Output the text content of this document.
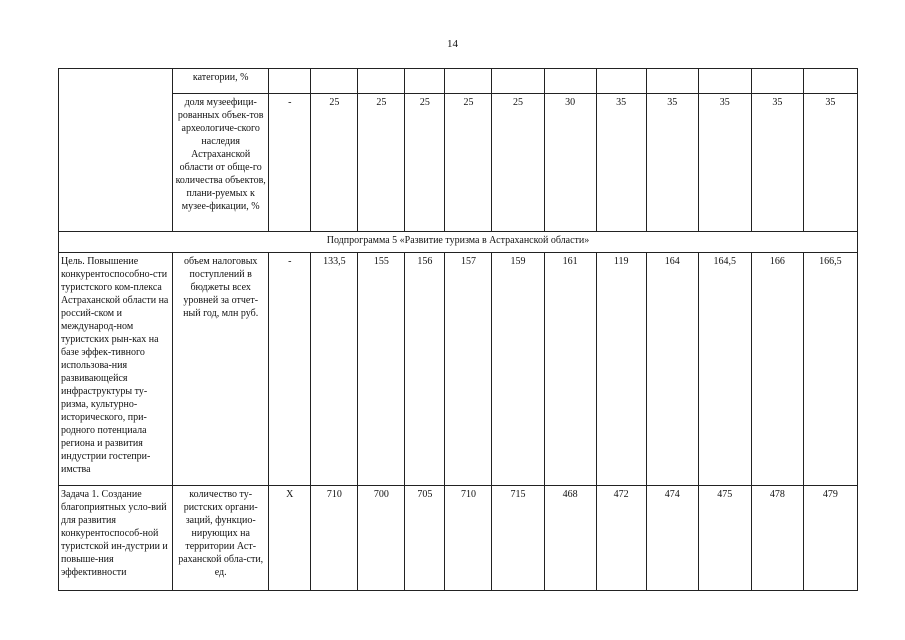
14
	категории, %												
	доля музеефици-рованных объек-тов археологиче-ского наследия Астраханской области от обще-го количества объектов, плани-руемых к музее-фикации, %	-	25	25	25	25	25	30	35	35	35	35	35
Подпрограмма 5 «Развитие туризма в Астраханской области»													
Цель. Повышение конкурентоспособно-сти туристского ком-плекса Астраханской области на россий-ском и международ-ном туристских рын-ках на базе эффек-тивного использова-ния развивающейся инфраструктуры ту-ризма, культурно-исторического, при-родного потенциала региона и развития индустрии гостепри-имства	объем налоговых поступлений в бюджеты всех уровней за отчет-ный год, млн руб.	-	133,5	155	156	157	159	161	119	164	164,5	166	166,5
Задача 1. Создание благоприятных усло-вий для развития конкурентоспособ-ной туристской ин-дустрии и повыше-ния эффективности	количество ту-ристских органи-заций, функцио-нирующих на территории Аст-раханской обла-сти, ед.	X	710	700	705	710	715	468	472	474	475	478	479
